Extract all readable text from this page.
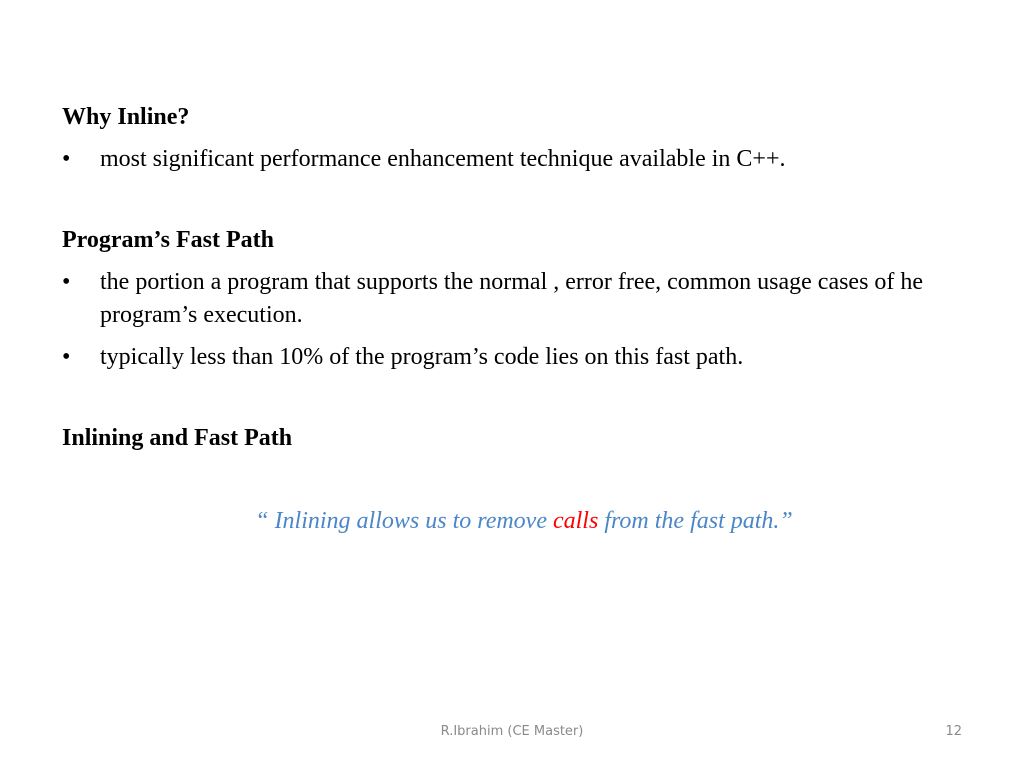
Why Inline?
• most significant performance enhancement technique available in C++.
Program’s Fast Path
• the portion a program that supports the normal , error free, common usage cases of he program’s execution.
• typically less than 10% of the program’s code lies on this fast path.
Inlining and Fast Path
“ Inlining allows us to remove calls from the fast path.”
R.Ibrahim (CE Master)	12
